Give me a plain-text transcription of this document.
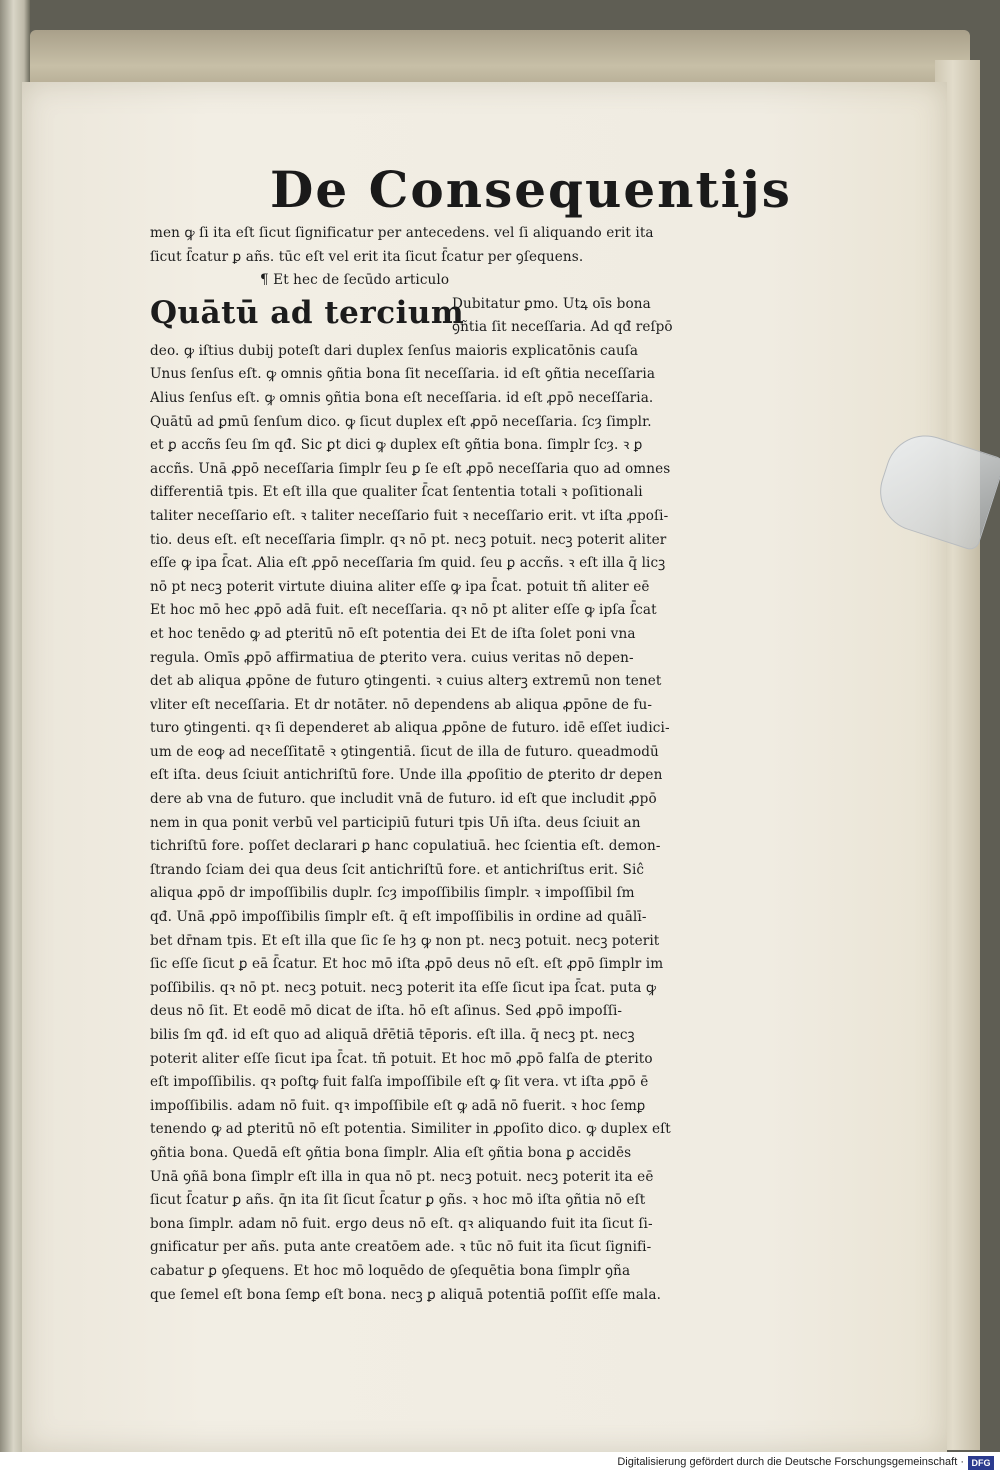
De Consequentijs
men ꝙ ſi ita eſt ſicut ſignificatur per antecedens. vel ſi aliquando erit ita
ſicut ſ̄catur ꝑ añs. tūc eſt vel erit ita ſicut ſ̄catur per ꝯſequens.
¶ Et hec de ſecūdo articulo
Quātū ad tercium
Dubitatur ꝑmo. Utꝝ oīs bona
ꝯñtia ſit neceſſaria. Ad qđ reſpō
deo. ꝙ iſtius dubij poteſt dari duplex ſenſus maioris explicatōnis cauſa
Unus ſenſus eſt. ꝙ omnis ꝯñtia bona ſit neceſſaria. id eſt ꝯñtia neceſſaria
Alius ſenſus eſt. ꝙ omnis ꝯñtia bona eſt neceſſaria. id eſt ꝓpō neceſſaria.
Quātū ad ꝑmū ſenſum dico. ꝙ ſicut duplex eſt ꝓpō neceſſaria. ſcȝ ſimplr.
et ꝑ accñs ſeu ſm qđ. Sic ꝑt dici ꝙ duplex eſt ꝯñtia bona. ſimplr ſcȝ. ꝛ ꝑ
accñs. Unā ꝓpō neceſſaria ſimplr ſeu ꝑ ſe eſt ꝓpō neceſſaria quo ad omnes
differentiā tpis. Et eſt illa que qualiter ſ̄cat ſententia totali ꝛ poſitionali
taliter neceſſario eſt. ꝛ taliter neceſſario fuit ꝛ neceſſario erit. vt iſta ꝓpoſi-
tio. deus eſt. eſt neceſſaria ſimplr. qꝛ nō pt. necꝫ potuit. necꝫ poterit aliter
eſſe ꝙ ipa ſ̄cat. Alia eſt ꝓpō neceſſaria ſm quid. ſeu ꝑ accñs. ꝛ eſt illa q̄ licꝫ
nō pt necꝫ poterit virtute diuina aliter eſſe ꝙ ipa ſ̄cat. potuit tñ aliter eē
Et hoc mō hec ꝓpō adā fuit. eſt neceſſaria. qꝛ nō pt aliter eſſe ꝙ ipſa ſ̄cat
et hoc tenēdo ꝙ ad ꝑteritū nō eſt potentia dei Et de iſta ſolet poni vna
regula. Omīs ꝓpō affirmatiua de ꝑterito vera. cuius veritas nō depen-
det ab aliqua ꝓpōne de futuro ꝯtingenti. ꝛ cuius alterꝫ extremū non tenet
vliter eſt neceſſaria. Et dr notāter. nō dependens ab aliqua ꝓpōne de fu-
turo ꝯtingenti. qꝛ ſi dependeret ab aliqua ꝓpōne de futuro. idē eſſet iudici-
um de eoꝙ ad neceſſitatē ꝛ ꝯtingentiā. ſicut de illa de futuro. queadmodū
eſt iſta. deus ſciuit antichriſtū fore. Unde illa ꝓpoſitio de ꝑterito dr depen
dere ab vna de futuro. que includit vnā de futuro. id eſt que includit ꝓpō
nem in qua ponit verbū vel participiū futuri tpis Un̄ iſta. deus ſciuit an
tichriſtū fore. poſſet declarari ꝑ hanc copulatiuā. hec ſcientia eſt. demon-
ſtrando ſciam dei qua deus ſcit antichriſtū fore. et antichriſtus erit. Siĉ
aliqua ꝓpō dr impoſſibilis duplr. ſcȝ impoſſibilis ſimplr. ꝛ impoſſibil ſm
qđ. Unā ꝓpō impoſſibilis ſimplr eſt. q̄ eſt impoſſibilis in ordine ad quālī-
bet dr̄nam tpis. Et eſt illa que ſic ſe hȝ ꝙ non pt. necꝫ potuit. necꝫ poterit
ſic eſſe ſicut ꝑ eā ſ̄catur. Et hoc mō iſta ꝓpō deus nō eſt. eſt ꝓpō ſimplr im
poſſibilis. qꝛ nō pt. necꝫ potuit. necꝫ poterit ita eſſe ſicut ipa ſ̄cat. puta ꝙ
deus nō ſit. Et eodē mō dicat de iſta. hō eſt aſinus. Sed ꝓpō impoſſi-
bilis ſm qđ. id eſt quo ad aliquā dr̄ētiā tēporis. eſt illa. q̄ necꝫ pt. necꝫ
poterit aliter eſſe ſicut ipa ſ̄cat. tñ potuit. Et hoc mō ꝓpō falſa de ꝑterito
eſt impoſſibilis. qꝛ poſtꝙ fuit falſa impoſſibile eſt ꝙ ſit vera. vt iſta ꝓpō ē
impoſſibilis. adam nō fuit. qꝛ impoſſibile eſt ꝙ adā nō fuerit. ꝛ hoc ſemꝑ
tenendo ꝙ ad ꝑteritū nō eſt potentia. Similiter in ꝓpoſito dico. ꝙ duplex eſt
ꝯñtia bona. Quedā eſt ꝯñtia bona ſimplr. Alia eſt ꝯñtia bona ꝑ accidēs
Unā ꝯñā bona ſimplr eſt illa in qua nō pt. necꝫ potuit. necꝫ poterit ita eē
ſicut ſ̄catur ꝑ añs. q̄n ita ſit ſicut ſ̄catur ꝑ ꝯñs. ꝛ hoc mō iſta ꝯñtia nō eſt
bona ſimplr. adam nō fuit. ergo deus nō eſt. qꝛ aliquando fuit ita ſicut ſi-
gnificatur per añs. puta ante creatōem ade. ꝛ tūc nō fuit ita ſicut ſignifi-
cabatur ꝑ ꝯſequens. Et hoc mō loquēdo de ꝯſequētia bona ſimplr ꝯña
que ſemel eſt bona ſemꝑ eſt bona. necꝫ ꝑ aliquā potentiā poſſit eſſe mala.
Digitalisierung gefördert durch die Deutsche Forschungsgemeinschaft · DFG
